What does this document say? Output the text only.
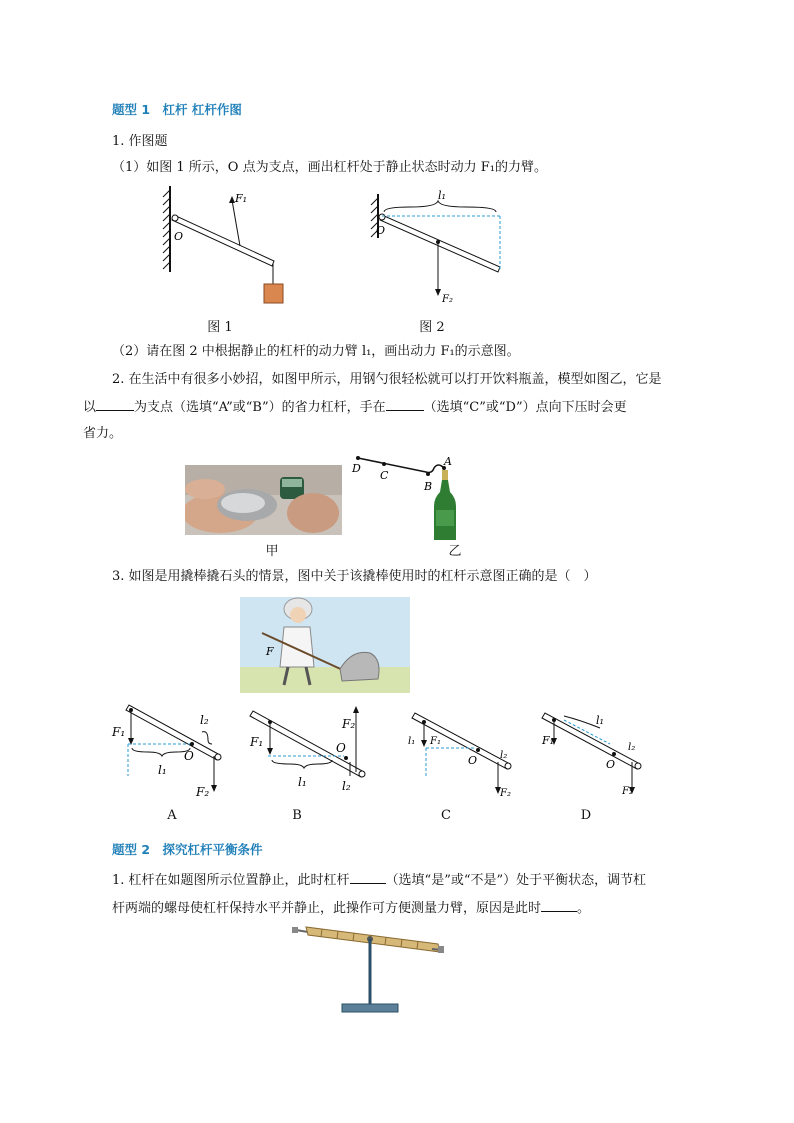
题型 1　杠杆 杠杆作图
1. 作图题
（1）如图 1 所示，O 点为支点，画出杠杆处于静止状态时动力 F₁的力臂。
F₁
O
图 1
l₁
O
F₂
图 2
（2）请在图 2 中根据静止的杠杆的动力臂 l₁，画出动力 F₁的示意图。
2. 在生活中有很多小妙招，如图甲所示，用钢勺很轻松就可以打开饮料瓶盖，模型如图乙，它是
以	为支点（选填“A”或“B”）的省力杠杆，手在	（选填“C”或“D”）点向下压时会更
省力。
甲
D
C
B
A
乙
3. 如图是用撬棒撬石头的情景，图中关于该撬棒使用时的杠杆示意图正确的是（　）
F
F₁
l₁
O
l₂
F₂
A
F₁
l₁
O
l₂
F₂
B
l₁ F₁
O l₂
F₂
C
l₁
F₁
O
l₂
F₂
D
题型 2　探究杠杆平衡条件
1. 杠杆在如题图所示位置静止，此时杠杆	（选填“是”或“不是”）处于平衡状态，调节杠
杆两端的螺母使杠杆保持水平并静止，此操作可方便测量力臂，原因是此时	。
